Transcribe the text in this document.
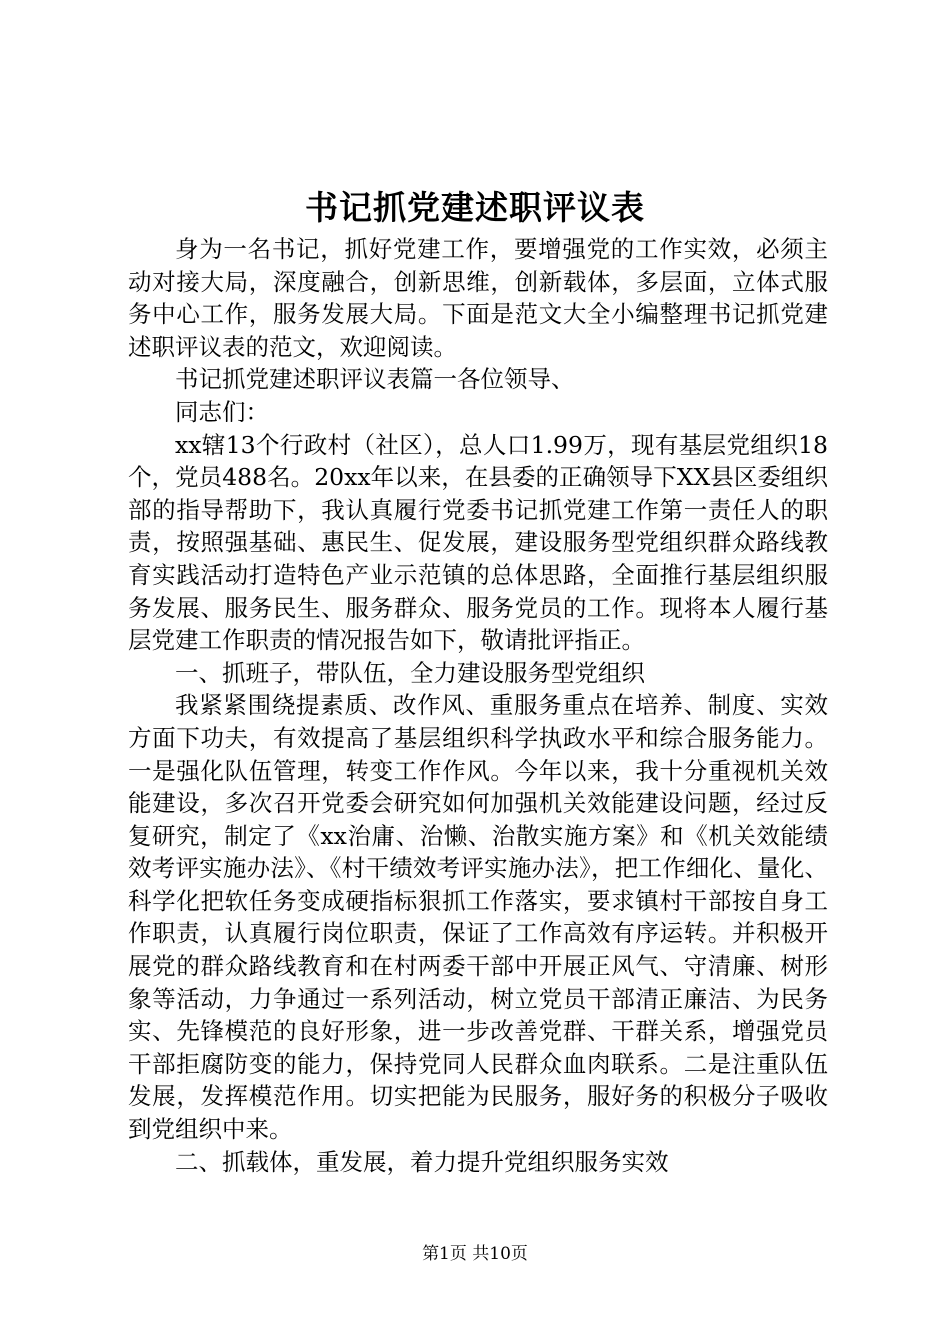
书记抓党建述职评议表

身为一名书记，抓好党建工作，要增强党的工作实效，必须主动对接大局，深度融合，创新思维，创新载体，多层面，立体式服务中心工作，服务发展大局。下面是范文大全小编整理书记抓党建述职评议表的范文，欢迎阅读。

书记抓党建述职评议表篇一各位领导、

同志们：

xx辖13个行政村（社区），总人口1.99万，现有基层党组织18个，党员488名。20xx年以来，在县委的正确领导下XX县区委组织部的指导帮助下，我认真履行党委书记抓党建工作第一责任人的职责，按照强基础、惠民生、促发展，建设服务型党组织群众路线教育实践活动打造特色产业示范镇的总体思路，全面推行基层组织服务发展、服务民生、服务群众、服务党员的工作。现将本人履行基层党建工作职责的情况报告如下，敬请批评指正。

一、抓班子，带队伍，全力建设服务型党组织

我紧紧围绕提素质、改作风、重服务重点在培养、制度、实效方面下功夫，有效提高了基层组织科学执政水平和综合服务能力。一是强化队伍管理，转变工作作风。今年以来，我十分重视机关效能建设，多次召开党委会研究如何加强机关效能建设问题，经过反复研究，制定了《xx治庸、治懒、治散实施方案》和《机关效能绩效考评实施办法》、《村干绩效考评实施办法》，把工作细化、量化、科学化把软任务变成硬指标狠抓工作落实，要求镇村干部按自身工作职责，认真履行岗位职责，保证了工作高效有序运转。并积极开展党的群众路线教育和在村两委干部中开展正风气、守清廉、树形象等活动，力争通过一系列活动，树立党员干部清正廉洁、为民务实、先锋模范的良好形象，进一步改善党群、干群关系，增强党员干部拒腐防变的能力，保持党同人民群众血肉联系。二是注重队伍发展，发挥模范作用。切实把能为民服务，服好务的积极分子吸收到党组织中来。

二、抓载体，重发展，着力提升党组织服务实效

第1页 共10页
